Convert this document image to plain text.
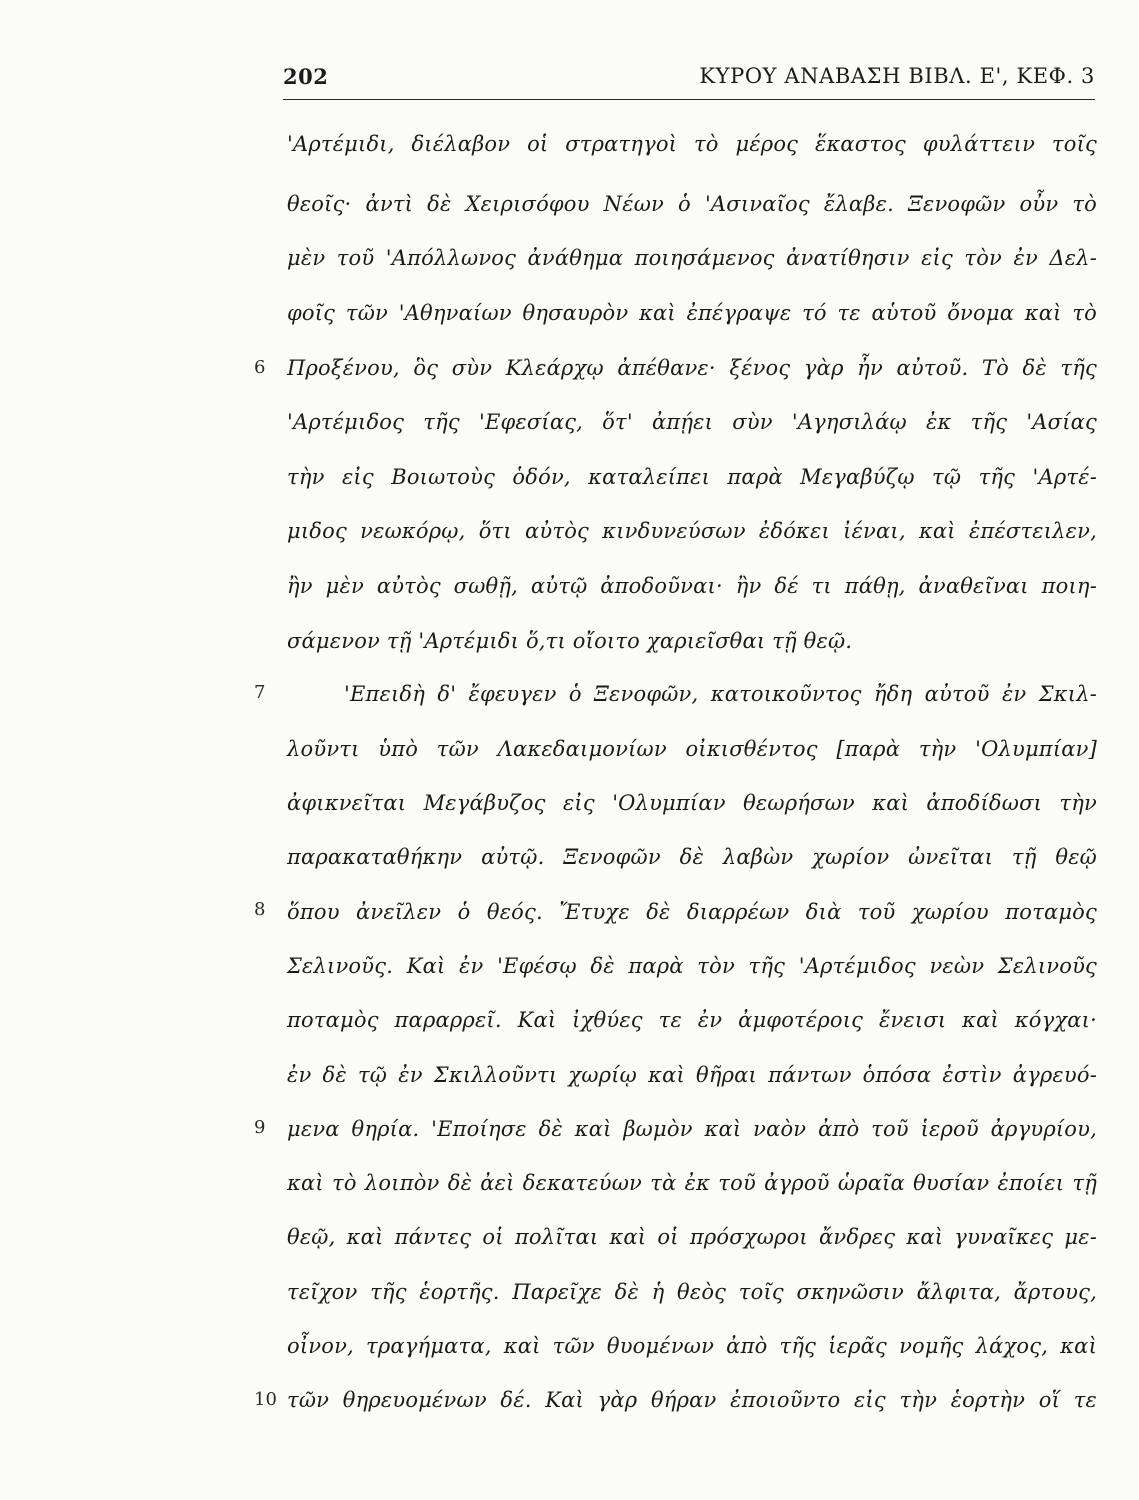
202	ΚΥΡΟΥ ΑΝΑΒΑΣΗ ΒΙΒΛ. Ε', ΚΕΦ. 3
'Αρτέμιδι, διέλαβον οἱ στρατηγοὶ τὸ μέρος ἕκαστος φυλάττειν τοῖς
θεοῖς· ἀντὶ δὲ Χειρισόφου Νέων ὁ 'Ασιναῖος ἔλαβε. Ξενοφῶν οὖν τὸ
μὲν τοῦ 'Απόλλωνος ἀνάθημα ποιησάμενος ἀνατίθησιν εἰς τὸν ἐν Δελ-
φοῖς τῶν 'Αθηναίων θησαυρὸν καὶ ἐπέγραψε τό τε αὑτοῦ ὄνομα καὶ τὸ
6	Προξένου, ὃς σὺν Κλεάρχῳ ἀπέθανε· ξένος γὰρ ἦν αὐτοῦ. Τὸ δὲ τῆς
'Αρτέμιδος τῆς 'Εφεσίας, ὅτ' ἀπῄει σὺν 'Αγησιλάῳ ἐκ τῆς 'Ασίας
τὴν εἰς Βοιωτοὺς ὁδόν, καταλείπει παρὰ Μεγαβύζῳ τῷ τῆς 'Αρτέ-
μιδος νεωκόρῳ, ὅτι αὐτὸς κινδυνεύσων ἐδόκει ἰέναι, καὶ ἐπέστειλεν,
ἢν μὲν αὐτὸς σωθῇ, αὐτῷ ἀποδοῦναι· ἢν δέ τι πάθῃ, ἀναθεῖναι ποιη-
σάμενον τῇ 'Αρτέμιδι ὅ,τι οἴοιτο χαριεῖσθαι τῇ θεῷ.
7	'Επειδὴ δ' ἔφευγεν ὁ Ξενοφῶν, κατοικοῦντος ἤδη αὐτοῦ ἐν Σκιλ-
λοῦντι ὑπὸ τῶν Λακεδαιμονίων οἰκισθέντος [παρὰ τὴν 'Ολυμπίαν]
ἀφικνεῖται Μεγάβυζος εἰς 'Ολυμπίαν θεωρήσων καὶ ἀποδίδωσι τὴν
παρακαταθήκην αὐτῷ. Ξενοφῶν δὲ λαβὼν χωρίον ὠνεῖται τῇ θεῷ
8	ὅπου ἀνεῖλεν ὁ θεός. Ἔτυχε δὲ διαρρέων διὰ τοῦ χωρίου ποταμὸς
Σελινοῦς. Καὶ ἐν 'Εφέσῳ δὲ παρὰ τὸν τῆς 'Αρτέμιδος νεὼν Σελινοῦς
ποταμὸς παραρρεῖ. Καὶ ἰχθύες τε ἐν ἀμφοτέροις ἔνεισι καὶ κόγχαι·
ἐν δὲ τῷ ἐν Σκιλλοῦντι χωρίῳ καὶ θῆραι πάντων ὁπόσα ἐστὶν ἀγρευό-
9	μενα θηρία. 'Εποίησε δὲ καὶ βωμὸν καὶ ναὸν ἀπὸ τοῦ ἱεροῦ ἀργυρίου,
καὶ τὸ λοιπὸν δὲ ἀεὶ δεκατεύων τὰ ἐκ τοῦ ἀγροῦ ὡραῖα θυσίαν ἐποίει τῇ
θεῷ, καὶ πάντες οἱ πολῖται καὶ οἱ πρόσχωροι ἄνδρες καὶ γυναῖκες με-
τεῖχον τῆς ἑορτῆς. Παρεῖχε δὲ ἡ θεὸς τοῖς σκηνῶσιν ἄλφιτα, ἄρτους,
οἶνον, τραγήματα, καὶ τῶν θυομένων ἀπὸ τῆς ἱερᾶς νομῆς λάχος, καὶ
10 τῶν θηρευομένων δέ. Καὶ γὰρ θήραν ἐποιοῦντο εἰς τὴν ἑορτὴν οἵ τε
